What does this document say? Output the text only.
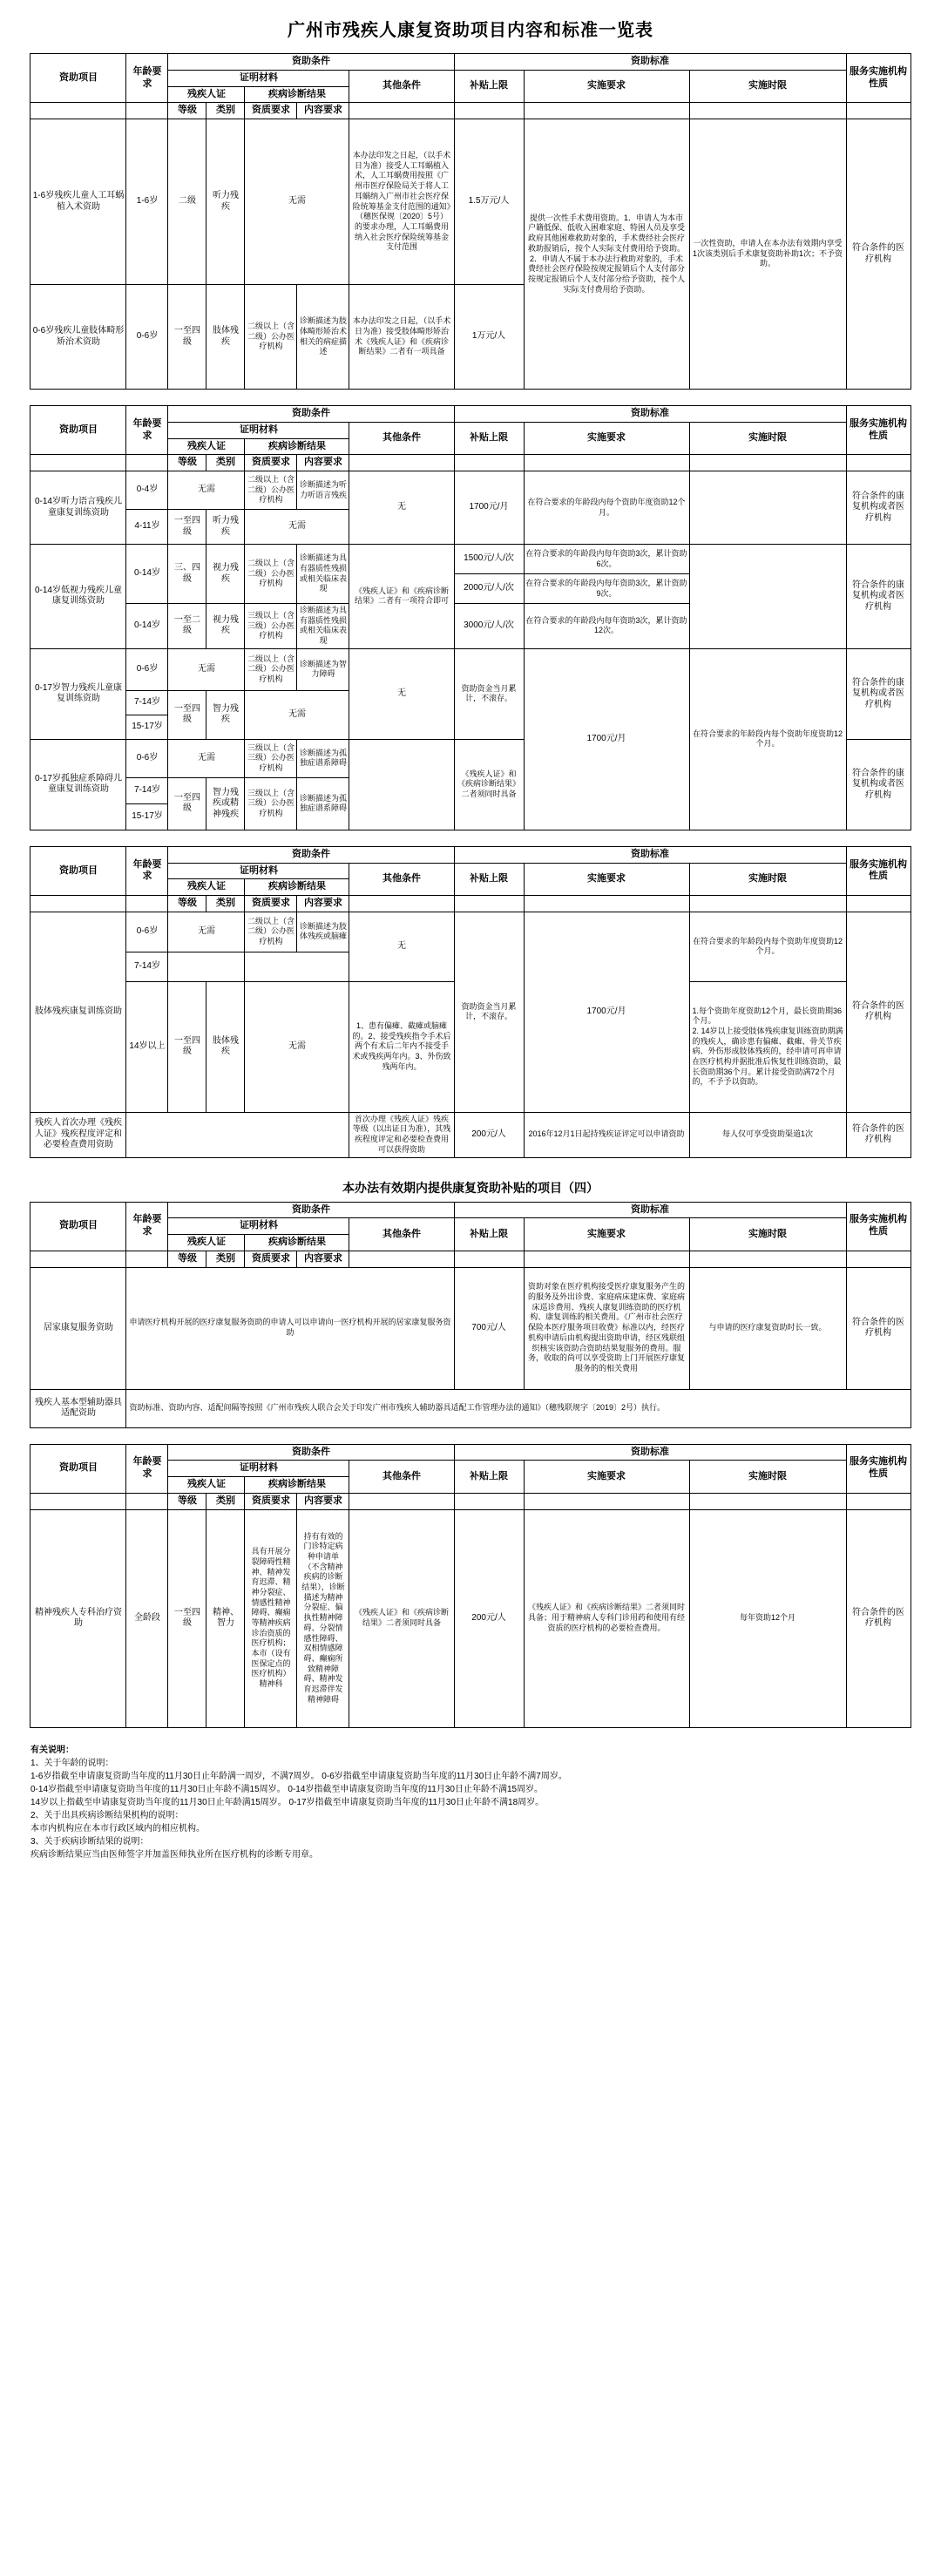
广州市残疾人康复资助项目内容和标准一览表
资助项目	年龄要求	资助条件					资助标准			服务实施机构性质
		证明材料				其他条件	补贴上限	实施要求	实施时限	
		残疾人证		疾病诊断结果						
		等级	类别	资质要求	内容要求					
1-6岁残疾儿童人工耳蜗植入术资助	1-6岁	二级	听力残疾	无需		本办法印发之日起，（以手术日为准）接受人工耳蜗植入术，人工耳蜗费用按照《广州市医疗保险局关于将人工耳蜗纳入广州市社会医疗保险统筹基金支付范围的通知》（穗医保规〔2020〕5号）的要求办理，人工耳蜗费用纳入社会医疗保险统筹基金支付范围	1.5万元/人	提供一次性手术费用资助。1．申请人为本市户籍低保、低收入困难家庭、特困人员及享受政府其他困难救助对象的，手术费经社会医疗救助报销后，按个人实际支付费用给予资助。2．申请人不属于本办法行救助对象的，手术费经社会医疗保险按规定报销后个人支付部分按规定报销后个人支付部分给予资助，按个人实际支付费用给予资助。	一次性资助，申请人在本办法有效期内享受1次该类别后手术康复资助补助1次；不予资助。	符合条件的医疗机构
0-6岁残疾儿童肢体畸形矫治术资助	0-6岁	一至四级	肢体残疾	二级以上（含二级）公办医疗机构	诊断描述为肢体畸形矫治术相关的病症描述	本办法印发之日起，（以手术日为准）接受肢体畸形矫治术《残疾人证》和《疾病诊断结果》二者有一项具备	1万元/人			
资助项目	年龄要求	资助条件					资助标准			服务实施机构性质
		证明材料				其他条件	补贴上限	实施要求	实施时限	
		残疾人证		疾病诊断结果						
		等级	类别	资质要求	内容要求					
0-14岁听力语言残疾儿童康复训练资助	0-4岁	无需		二级以上（含二级）公办医疗机构	诊断描述为听力听语言残疾	无	1700元/月	在符合要求的年龄段内每个资助年度资助12个月。		符合条件的康复机构或者医疗机构
	4-11岁	一至四级	听力残疾	无需						
0-14岁低视力残疾儿童康复训练资助	0-14岁	三、四级	视力残疾	二级以上（含二级）公办医疗机构	诊断描述为具有器质性残损或相关临床表现	《残疾人证》和《疾病诊断结果》二者有一项符合即可	1500元/人/次	在符合要求的年龄段内每年资助3次，累计资助6次。		符合条件的康复机构或者医疗机构
							2000元/人/次	在符合要求的年龄段内每年资助3次，累计资助9次。		
	0-14岁	一至二级	视力残疾	三级以上（含三级）公办医疗机构	诊断描述为具有器质性残损或相关临床表现		3000元/人/次	在符合要求的年龄段内每年资助3次，累计资助12次。		
0-17岁智力残疾儿童康复训练资助	0-6岁	无需		二级以上（含二级）公办医疗机构	诊断描述为智力障碍	无	资助资金当月累计，不滚存。	1700元/月	在符合要求的年龄段内每个资助年度资助12个月。	符合条件的康复机构或者医疗机构
	7-14岁	一至四级	智力残疾	无需						
	15-17岁									
0-17岁孤独症系障碍儿童康复训练资助	0-6岁	无需		三级以上（含三级）公办医疗机构	诊断描述为孤独症谱系障碍		《残疾人证》和《疾病诊断结果》二者须同时具备			符合条件的康复机构或者医疗机构
	7-14岁	一至四级	智力残疾或精神残疾	三级以上（含三级）公办医疗机构	诊断描述为孤独症谱系障碍					
	15-17岁									
资助项目	年龄要求	资助条件					资助标准			服务实施机构性质
		证明材料				其他条件	补贴上限	实施要求	实施时限	
		残疾人证		疾病诊断结果						
		等级	类别	资质要求	内容要求					
肢体残疾康复训练资助	0-6岁	无需		二级以上（含二级）公办医疗机构	诊断描述为肢体残疾或脑瘫	无	资助资金当月累计，不滚存。	1700元/月	在符合要求的年龄段内每个资助年度资助12个月。	符合条件的医疗机构
	7-14岁									
	14岁以上	一至四级	肢体残疾	无需		1、患有偏瘫、截瘫或脑瘫的。2、接受残疾指令手术后两个有术后二年内不接受手术或残疾两年内。3、外伤致残两年内。			1.每个资助年度资助12个月，最长资助期36个月。
2. 14岁以上接受肢体残疾康复训练资助期满的残疾人，确诊患有偏瘫、截瘫、骨关节疾病、外伤形成肢体残疾的，经申请可再申请在医疗机构并据批准后恢复性训练资助，最长资助期36个月。累计接受资助满72个月的，不予予以资助。	
残疾人首次办理《残疾人证》残疾程度评定和必要检查费用资助						首次办理《残疾人证》残疾等级（以出证日为准），其残疾程度评定和必要检查费用可以获得资助	200元/人	2016年12月1日起持残疾证评定可以申请资助	每人仅可享受资助渠道1次	符合条件的医疗机构
本办法有效期内提供康复资助补贴的项目（四）
资助项目	年龄要求	资助条件					资助标准			服务实施机构性质
		证明材料				其他条件	补贴上限	实施要求	实施时限	
		残疾人证		疾病诊断结果						
		等级	类别	资质要求	内容要求					
居家康复服务资助	申请医疗机构开展的医疗康复服务资助的申请人可以申请向一医疗机构开展的居家康复服务资助						700元/人	资助对象在医疗机构接受医疗康复服务产生的的服务及外出诊费、家庭病床建床费、家庭病床巡诊费用、残疾人康复训练资助的医疗机构、康复训练的相关费用。《广州市社会医疗保险本医疗服务项目收费》标准以内，经医疗机构申请后由机构提出资助申请，经区残联组织核实该资助合资助结果复服务的费用。服务，收取的尚可以享受资助上门开展医疗康复服务的的相关费用	与申请的医疗康复资助时长一致。	符合条件的医疗机构
残疾人基本型辅助器具适配资助	资助标准、资助内容、适配间隔等按照《广州市残疾人联合会关于印发广州市残疾人辅助器具适配工作管理办法的通知》（穗残联规字〔2019〕2号）执行。									
资助项目	年龄要求	资助条件					资助标准			服务实施机构性质
		证明材料				其他条件	补贴上限	实施要求	实施时限	
		残疾人证		疾病诊断结果						
		等级	类别	资质要求	内容要求					
精神残疾人专科治疗资助	全龄段	一至四级	精神、智力	具有开展分裂障碍性精神、精神发育迟滞、精神分裂症、情感性精神障碍、癫痫等精神疾病诊治资质的医疗机构；本市（设有医保定点的医疗机构）精神科	持有有效的门诊特定病种申请单（不含精神疾病的诊断结果），诊断描述为精神分裂症、偏执性精神障碍、分裂情感性障碍、双相情感障碍、癫痫所致精神障碍、精神发育迟滞伴发精神障碍	《残疾人证》和《疾病诊断结果》二者须同时具备	200元/人	《残疾人证》和《疾病诊断结果》二者须同时具备；用于精神病人专科门诊用药和使用有经资质的医疗机构的必要检查费用。	每年资助12个月	符合条件的医疗机构
有关说明：
1、关于年龄的说明：
1-6岁指截至申请康复资助当年度的11月30日止年龄满一周岁，不满7周岁。 0-6岁指截至申请康复资助当年度的11月30日止年龄不满7周岁。
0-14岁指截至申请康复资助当年度的11月30日止年龄不满15周岁。 0-14岁指截至申请康复资助当年度的11月30日止年龄不满15周岁。
14岁以上指截至申请康复资助当年度的11月30日止年龄满15周岁。 0-17岁指截至申请康复资助当年度的11月30日止年龄不满18周岁。
2、关于出具疾病诊断结果机构的说明：
本市内机构应在本市行政区域内的相应机构。
3、关于疾病诊断结果的说明：
疾病诊断结果应当由医师签字并加盖医师执业所在医疗机构的诊断专用章。
